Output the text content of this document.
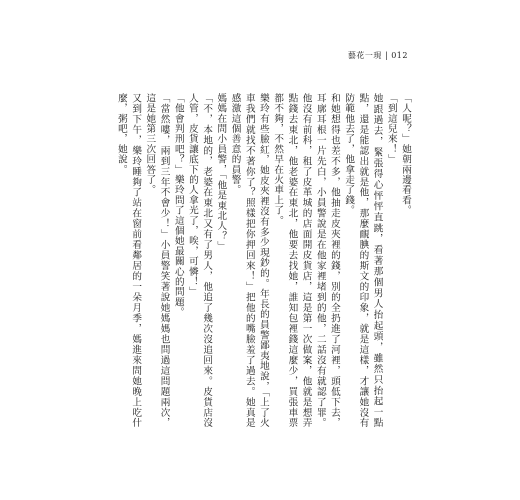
藝花一現 | 012

「人呢？」她朝兩邊看看。

「到這兒來！」

她跟過去，緊張得心怦怦直跳，看著那個男人抬起頭，雖然只抬起一點點，還是能認出就是他，那麼靦腆的斯文的印象，就是這樣，才讓她沒有防範他去了，他拿走了錢。

和她想得也差不多，他抽走皮夾裡的錢，別的全扔進了河裡，頭低下去，耳廓耳根一片先白，小員警說是在他家裡堵到的他，二話沒有就認了罪。他沒有前科，租了皮革城的店面開皮貨店，這是第一次做案，他就是想弄點錢去東北，他老婆在東北，他要去找她，誰知包裡錢這麼少，買張車票都不夠，不然早在火車上了。

樂玲有些臉紅，她皮夾裡沒有多少現鈔的。年長的員警鄙夷地說，「上了火車我們就找不著你了？照樣把你押回來！」把他的嘴臉羞了過去。她真是感激這個善意的員警。

媽媽在問小員警，「他是東北人？」

「不，本地的，老婆在東北又有了男人，他追了幾次沒追回來。皮貨店沒人管，皮貨讓底下的人拿光了，唉，可憐！」

「他會判刑吧？」樂玲問了這個她最關心的問題。

「當然嘍，兩到三年不會少！」小員警笑著說她媽媽也問過這問題兩次，這是她第三次回答了。

又到下午，樂玲睡夠了站在窗前看鄰居的一朵月季，媽進來問她晚上吃什麼，粥吧，她說。
